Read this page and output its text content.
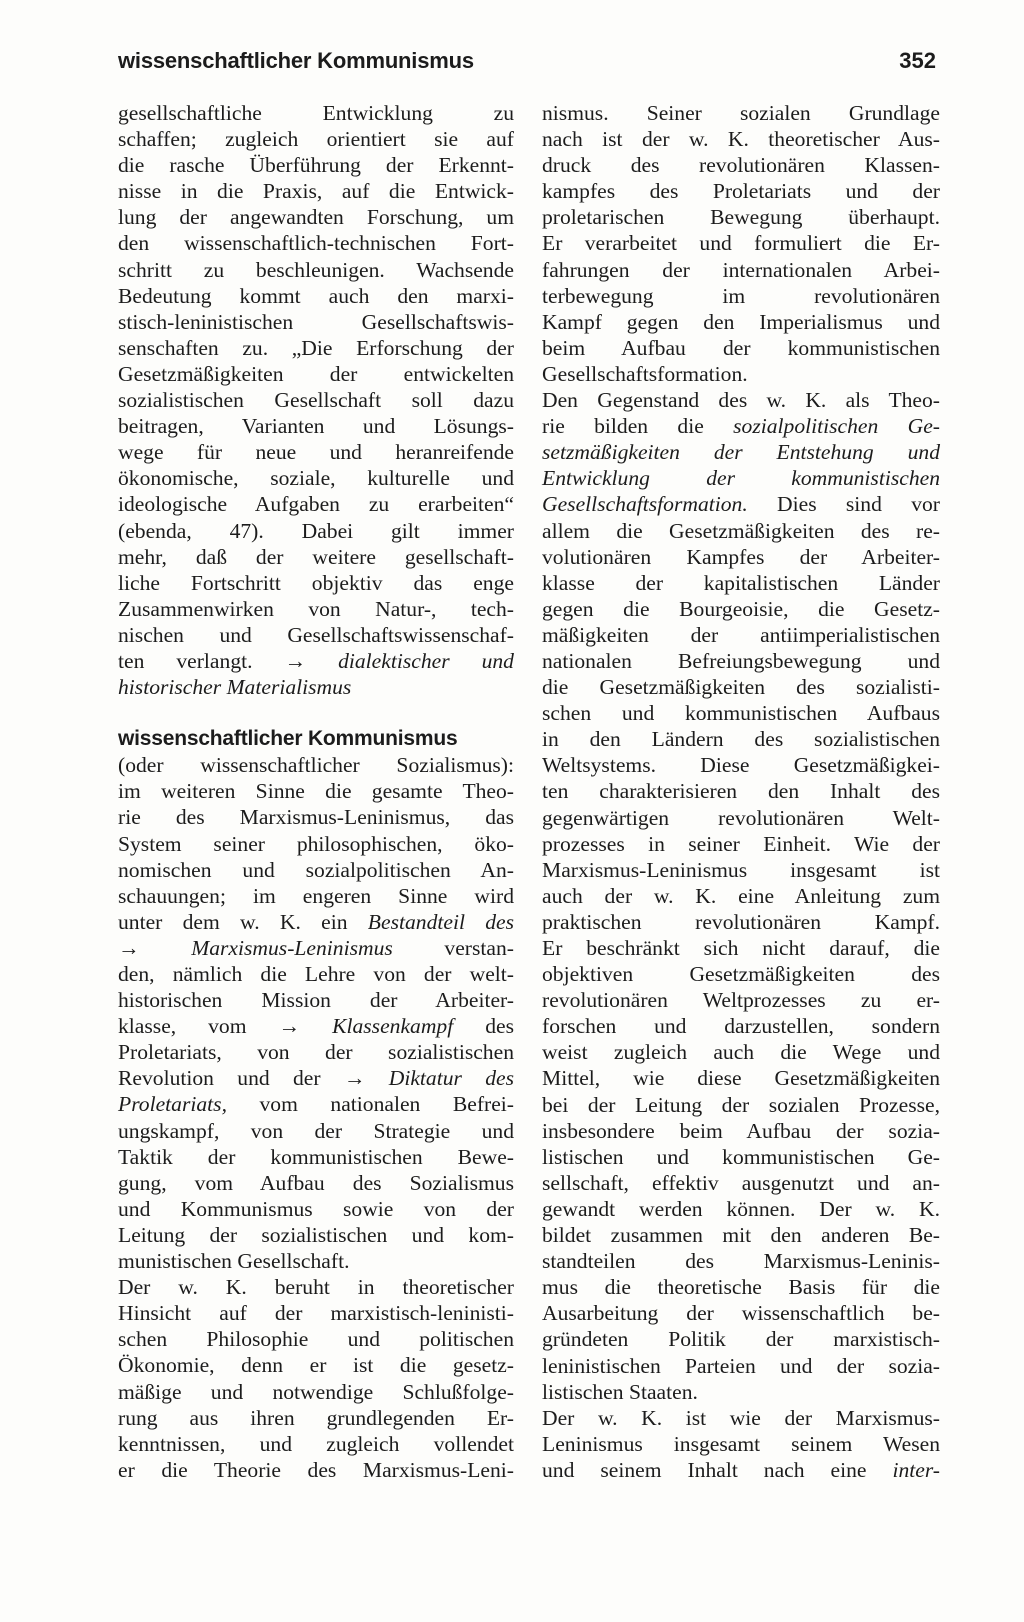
wissenschaftlicher Kommunismus	352
gesellschaftliche Entwicklung zu
schaffen; zugleich orientiert sie auf
die rasche Überführung der Erkennt-
nisse in die Praxis, auf die Entwick-
lung der angewandten Forschung, um
den wissenschaftlich-technischen Fort-
schritt zu beschleunigen. Wachsende
Bedeutung kommt auch den marxi-
stisch-leninistischen Gesellschaftswis-
senschaften zu. „Die Erforschung der
Gesetzmäßigkeiten der entwickelten
sozialistischen Gesellschaft soll dazu
beitragen, Varianten und Lösungs-
wege für neue und heranreifende
ökonomische, soziale, kulturelle und
ideologische Aufgaben zu erarbeiten“
(ebenda, 47). Dabei gilt immer
mehr, daß der weitere gesellschaft-
liche Fortschritt objektiv das enge
Zusammenwirken von Natur-, tech-
nischen und Gesellschaftswissenschaf-
ten verlangt. → dialektischer und
historischer Materialismus
wissenschaftlicher Kommunismus
(oder wissenschaftlicher Sozialismus):
im weiteren Sinne die gesamte Theo-
rie des Marxismus-Leninismus, das
System seiner philosophischen, öko-
nomischen und sozialpolitischen An-
schauungen; im engeren Sinne wird
unter dem w. K. ein Bestandteil des
→ Marxismus-Leninismus verstan-
den, nämlich die Lehre von der welt-
historischen Mission der Arbeiter-
klasse, vom → Klassenkampf des
Proletariats, von der sozialistischen
Revolution und der → Diktatur des
Proletariats, vom nationalen Befrei-
ungskampf, von der Strategie und
Taktik der kommunistischen Bewe-
gung, vom Aufbau des Sozialismus
und Kommunismus sowie von der
Leitung der sozialistischen und kom-
munistischen Gesellschaft.
Der w. K. beruht in theoretischer
Hinsicht auf der marxistisch-leninisti-
schen Philosophie und politischen
Ökonomie, denn er ist die gesetz-
mäßige und notwendige Schlußfolge-
rung aus ihren grundlegenden Er-
kenntnissen, und zugleich vollendet
er die Theorie des Marxismus-Leni-
nismus. Seiner sozialen Grundlage
nach ist der w. K. theoretischer Aus-
druck des revolutionären Klassen-
kampfes des Proletariats und der
proletarischen Bewegung überhaupt.
Er verarbeitet und formuliert die Er-
fahrungen der internationalen Arbei-
terbewegung im revolutionären
Kampf gegen den Imperialismus und
beim Aufbau der kommunistischen
Gesellschaftsformation.
Den Gegenstand des w. K. als Theo-
rie bilden die sozialpolitischen Ge-
setzmäßigkeiten der Entstehung und
Entwicklung der kommunistischen
Gesellschaftsformation. Dies sind vor
allem die Gesetzmäßigkeiten des re-
volutionären Kampfes der Arbeiter-
klasse der kapitalistischen Länder
gegen die Bourgeoisie, die Gesetz-
mäßigkeiten der antiimperialistischen
nationalen Befreiungsbewegung und
die Gesetzmäßigkeiten des sozialisti-
schen und kommunistischen Aufbaus
in den Ländern des sozialistischen
Weltsystems. Diese Gesetzmäßigkei-
ten charakterisieren den Inhalt des
gegenwärtigen revolutionären Welt-
prozesses in seiner Einheit. Wie der
Marxismus-Leninismus insgesamt ist
auch der w. K. eine Anleitung zum
praktischen revolutionären Kampf.
Er beschränkt sich nicht darauf, die
objektiven Gesetzmäßigkeiten des
revolutionären Weltprozesses zu er-
forschen und darzustellen, sondern
weist zugleich auch die Wege und
Mittel, wie diese Gesetzmäßigkeiten
bei der Leitung der sozialen Prozesse,
insbesondere beim Aufbau der sozia-
listischen und kommunistischen Ge-
sellschaft, effektiv ausgenutzt und an-
gewandt werden können. Der w. K.
bildet zusammen mit den anderen Be-
standteilen des Marxismus-Leninis-
mus die theoretische Basis für die
Ausarbeitung der wissenschaftlich be-
gründeten Politik der marxistisch-
leninistischen Parteien und der sozia-
listischen Staaten.
Der w. K. ist wie der Marxismus-
Leninismus insgesamt seinem Wesen
und seinem Inhalt nach eine inter-
